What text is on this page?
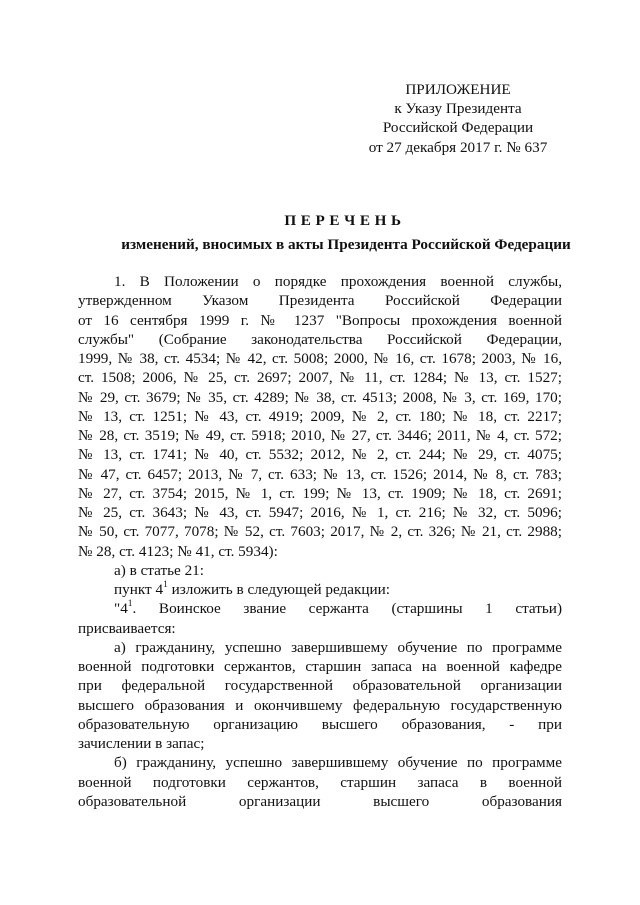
ПРИЛОЖЕНИЕ
к Указу Президента
Российской Федерации
от 27 декабря 2017 г. № 637
ПЕРЕЧЕНЬ
изменений, вносимых в акты Президента Российской Федерации
1. В Положении о порядке прохождения военной службы,
утвержденном Указом Президента Российской Федерации
от 16 сентября 1999 г. № 1237 "Вопросы прохождения военной
службы" (Собрание законодательства Российской Федерации,
1999, № 38, ст. 4534; № 42, ст. 5008; 2000, № 16, ст. 1678; 2003, № 16,
ст. 1508; 2006, № 25, ст. 2697; 2007, № 11, ст. 1284; № 13, ст. 1527;
№ 29, ст. 3679; № 35, ст. 4289; № 38, ст. 4513; 2008, № 3, ст. 169, 170;
№ 13, ст. 1251; № 43, ст. 4919; 2009, № 2, ст. 180; № 18, ст. 2217;
№ 28, ст. 3519; № 49, ст. 5918; 2010, № 27, ст. 3446; 2011, № 4, ст. 572;
№ 13, ст. 1741; № 40, ст. 5532; 2012, № 2, ст. 244; № 29, ст. 4075;
№ 47, ст. 6457; 2013, № 7, ст. 633; № 13, ст. 1526; 2014, № 8, ст. 783;
№ 27, ст. 3754; 2015, № 1, ст. 199; № 13, ст. 1909; № 18, ст. 2691;
№ 25, ст. 3643; № 43, ст. 5947; 2016, № 1, ст. 216; № 32, ст. 5096;
№ 50, ст. 7077, 7078; № 52, ст. 7603; 2017, № 2, ст. 326; № 21, ст. 2988;
№ 28, ст. 4123; № 41, ст. 5934):
а) в статье 21:
пункт $4^1$ изложить в следующей редакции:
"$4^1$. Воинское звание сержанта (старшины 1 статьи)
присваивается:
а) гражданину, успешно завершившему обучение по программе
военной подготовки сержантов, старшин запаса на военной кафедре
при федеральной государственной образовательной организации
высшего образования и окончившему федеральную государственную
образовательную организацию высшего образования, - при
зачислении в запас;
б) гражданину, успешно завершившему обучение по программе
военной подготовки сержантов, старшин запаса в военной
образовательной организации высшего образования
